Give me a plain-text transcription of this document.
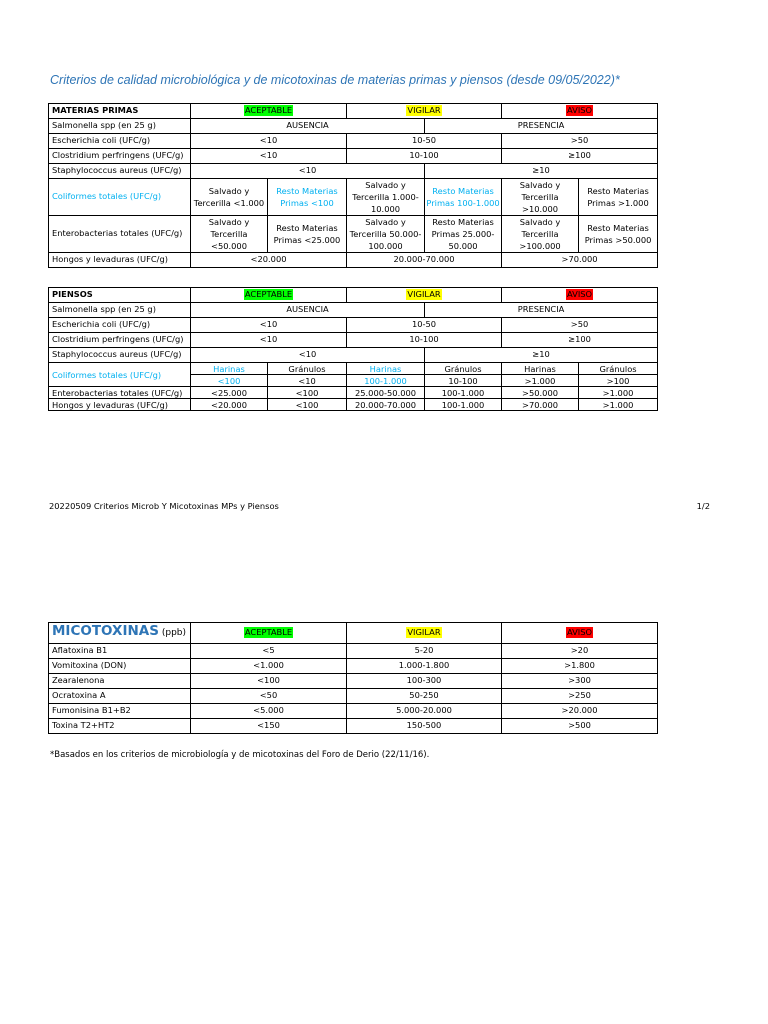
Criterios de calidad microbiológica y de micotoxinas de materias primas y piensos (desde 09/05/2022)*
MATERIAS PRIMAS	ACEPTABLE		VIGILAR		AVISO	
Salmonella spp (en 25 g)	AUSENCIA			PRESENCIA		
Escherichia coli (UFC/g)	<10		10-50		>50	
Clostridium perfringens (UFC/g)	<10		10-100		≥100	
Staphylococcus aureus (UFC/g)	<10			≥10		
Coliformes totales (UFC/g)	Salvado y Tercerilla <1.000	Resto Materias Primas <100	Salvado y Tercerilla 1.000-10.000	Resto Materias Primas 100-1.000	Salvado y Tercerilla >10.000	Resto Materias Primas >1.000
Enterobacterias totales (UFC/g)	Salvado y Tercerilla <50.000	Resto Materias Primas <25.000	Salvado y Tercerilla 50.000-100.000	Resto Materias Primas 25.000-50.000	Salvado y Tercerilla >100.000	Resto Materias Primas >50.000
Hongos y levaduras (UFC/g)	<20.000		20.000-70.000		>70.000	
PIENSOS	ACEPTABLE		VIGILAR		AVISO	
Salmonella spp (en 25 g)	AUSENCIA			PRESENCIA		
Escherichia coli (UFC/g)	<10		10-50		>50	
Clostridium perfringens (UFC/g)	<10		10-100		≥100	
Staphylococcus aureus (UFC/g)	<10			≥10		
Coliformes totales (UFC/g)	Harinas	Gránulos	Harinas	Gránulos	Harinas	Gránulos
	<100	<10	100-1.000	10-100	>1.000	>100
Enterobacterias totales (UFC/g)	<25.000	<100	25.000-50.000	100-1.000	>50.000	>1.000
Hongos y levaduras (UFC/g)	<20.000	<100	20.000-70.000	100-1.000	>70.000	>1.000
20220509 Criterios Microb Y Micotoxinas MPs y Piensos	1/2
MICOTOXINAS (ppb)	ACEPTABLE	VIGILAR	AVISO
Aflatoxina B1	<5	5-20	>20
Vomitoxina (DON)	<1.000	1.000-1.800	>1.800
Zearalenona	<100	100-300	>300
Ocratoxina A	<50	50-250	>250
Fumonisina B1+B2	<5.000	5.000-20.000	>20.000
Toxina T2+HT2	<150	150-500	>500
*Basados en los criterios de microbiología y de micotoxinas del Foro de Derio (22/11/16).
